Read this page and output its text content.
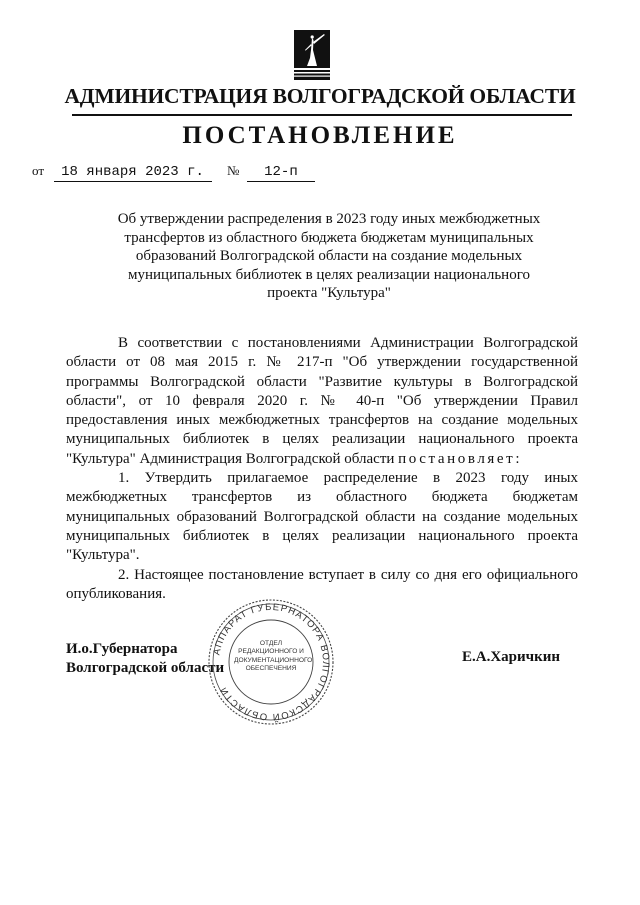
АДМИНИСТРАЦИЯ ВОЛГОГРАДСКОЙ ОБЛАСТИ
ПОСТАНОВЛЕНИЕ
от 18 января 2023 г. № 12-п
Об утверждении распределения в 2023 году иных межбюджетных
трансфертов из областного бюджета бюджетам муниципальных
образований Волгоградской области на создание модельных
муниципальных библиотек в целях реализации национального
проекта "Культура"

В соответствии с постановлениями Администрации Волгоградской области от 08 мая 2015 г. № 217-п "Об утверждении государственной программы Волгоградской области "Развитие культуры в Волгоградской области", от 10 февраля 2020 г. № 40-п "Об утверждении Правил предоставления иных межбюджетных трансфертов на создание модельных муниципальных библиотек в целях реализации национального проекта "Культура" Администрация Волгоградской области постановляет:

1. Утвердить прилагаемое распределение в 2023 году иных межбюджетных трансфертов из областного бюджета бюджетам муниципальных образований Волгоградской области на создание модельных муниципальных библиотек в целях реализации национального проекта "Культура".

2. Настоящее постановление вступает в силу со дня его официального опубликования.

И.о.Губернатора
Волгоградской области
АППАРАТ ГУБЕРНАТОРА ВОЛГОГРАДСКОЙ ОБЛАСТИ
ОТДЕЛ
РЕДАКЦИОННОГО И
ДОКУМЕНТАЦИОННОГО
ОБЕСПЕЧЕНИЯ
Е.А.Харичкин
